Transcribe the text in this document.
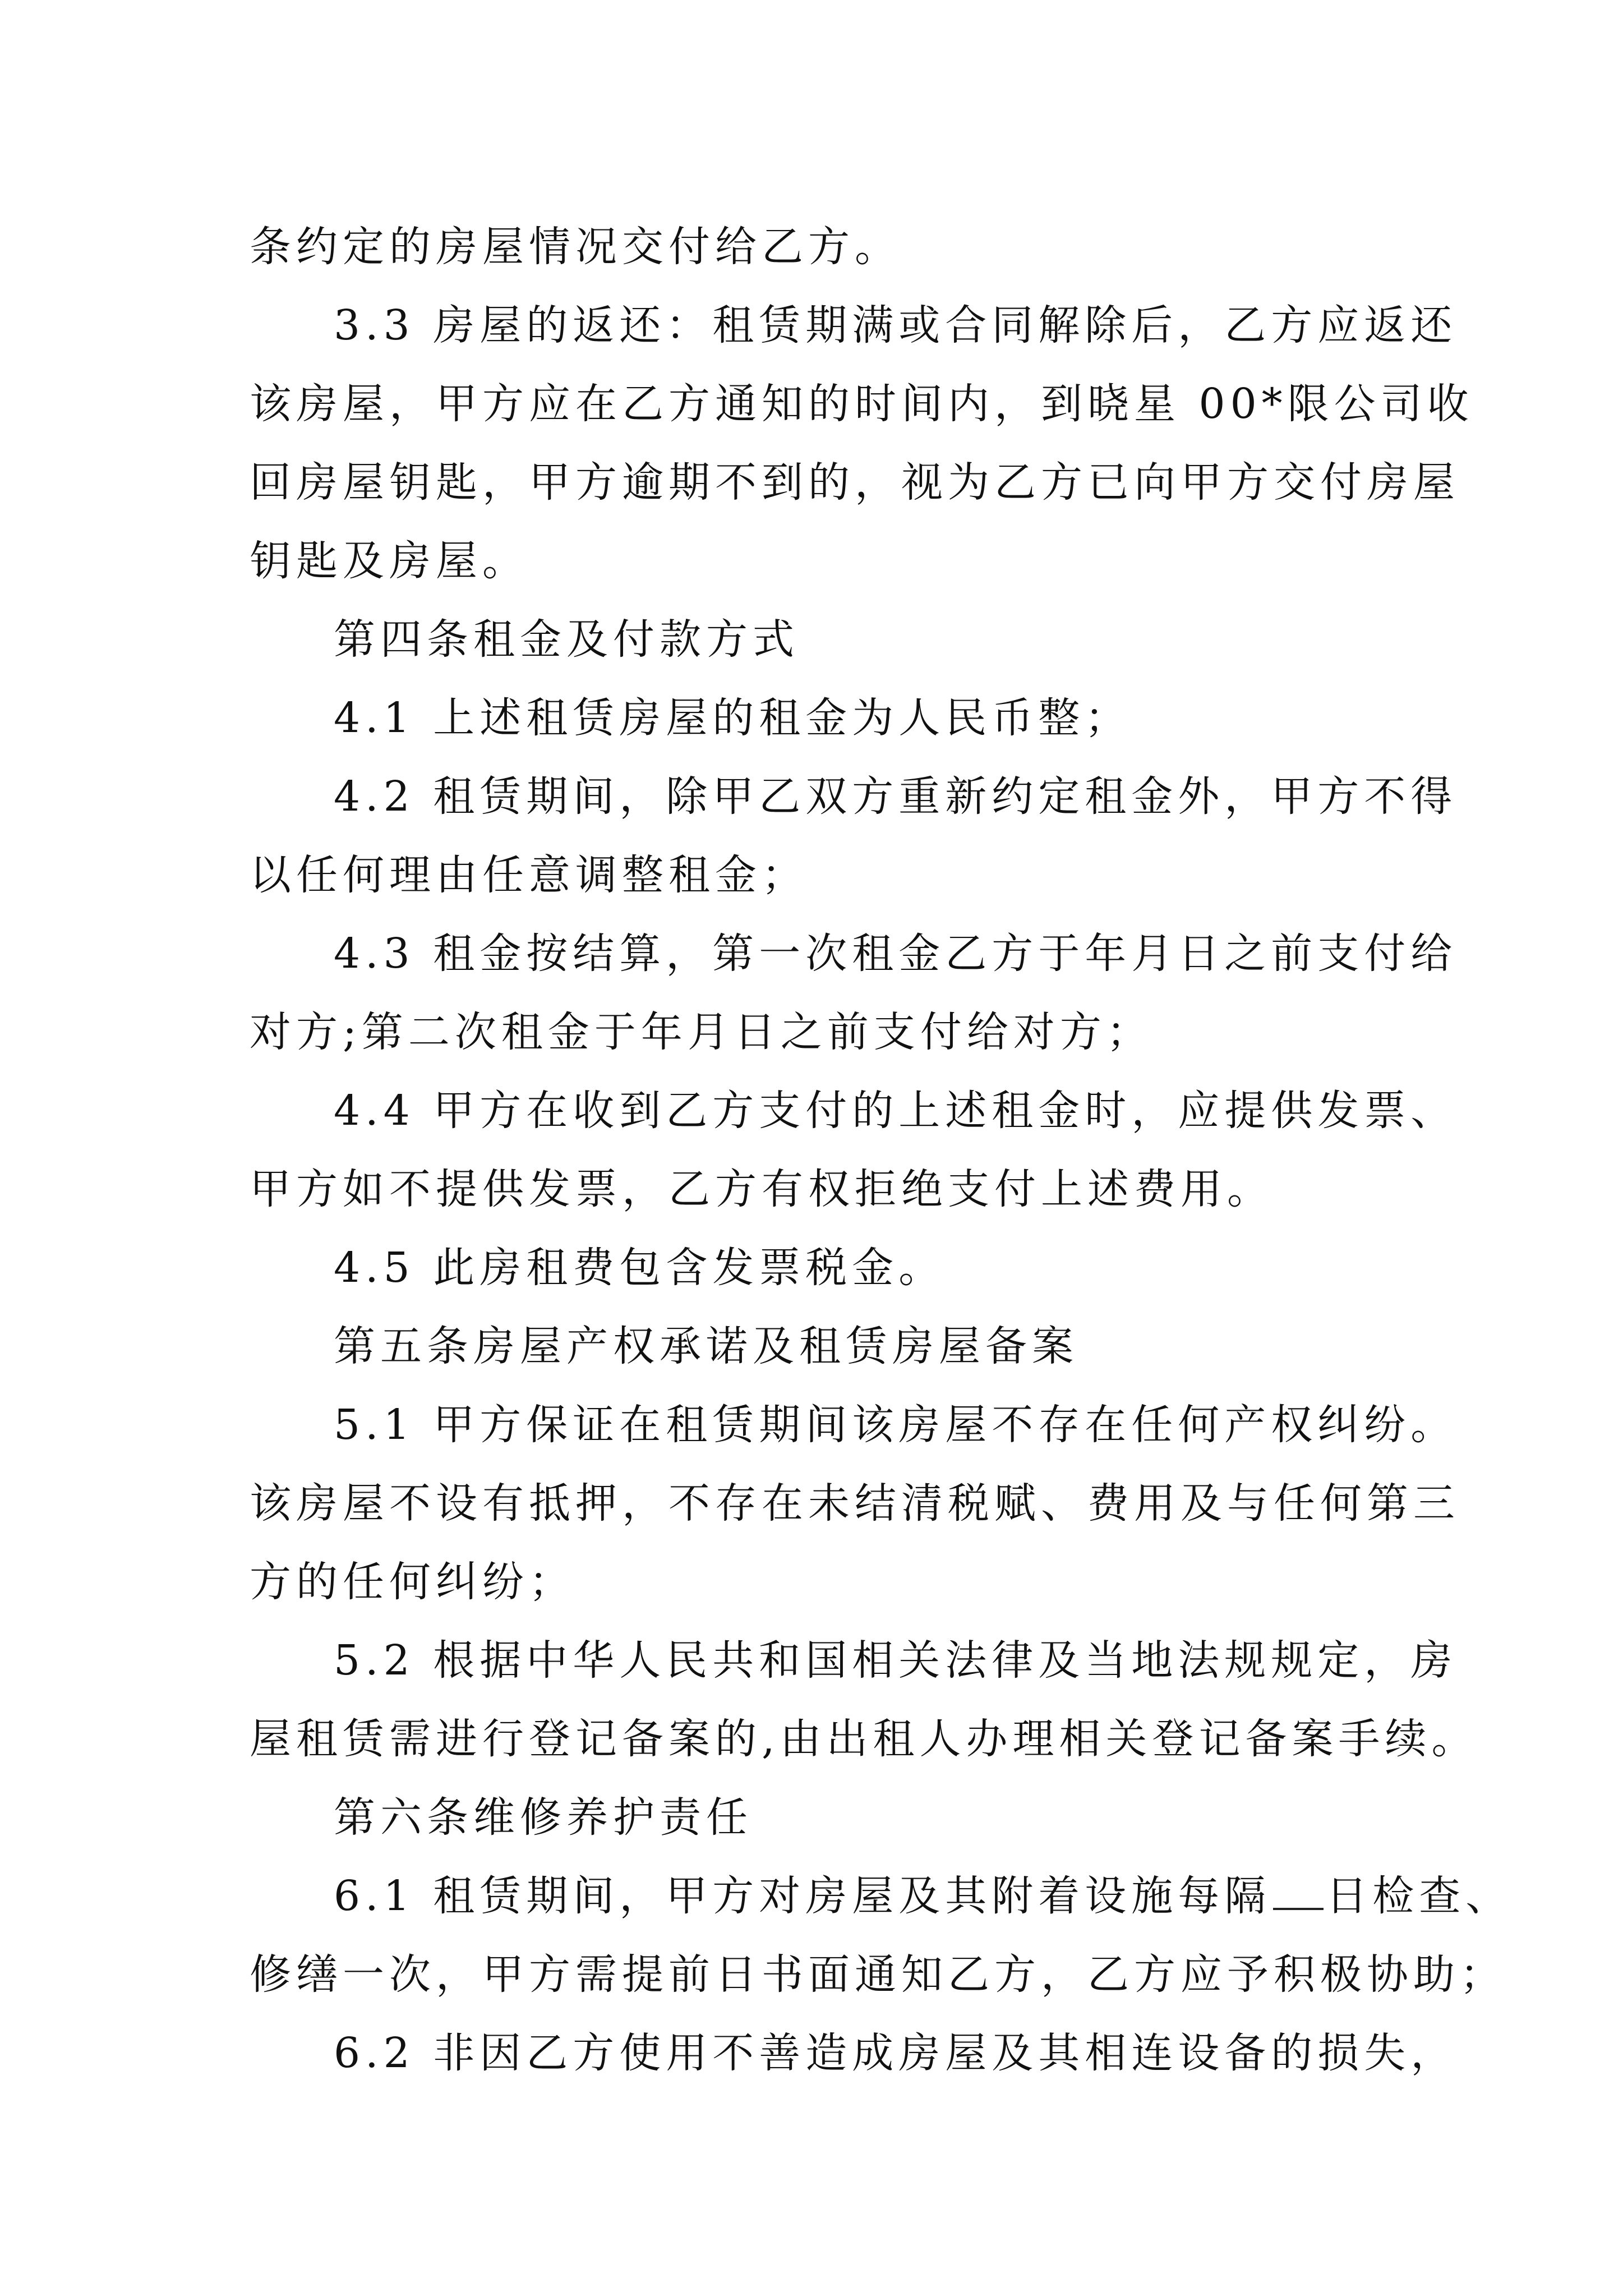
条约定的房屋情况交付给乙方。
3.3 房屋的返还：租赁期满或合同解除后，乙方应返还
该房屋，甲方应在乙方通知的时间内，到晓星 00*限公司收
回房屋钥匙，甲方逾期不到的，视为乙方已向甲方交付房屋
钥匙及房屋。
第四条租金及付款方式
4.1 上述租赁房屋的租金为人民币整；
4.2 租赁期间，除甲乙双方重新约定租金外，甲方不得
以任何理由任意调整租金；
4.3 租金按结算，第一次租金乙方于年月日之前支付给
对方;第二次租金于年月日之前支付给对方；
4.4 甲方在收到乙方支付的上述租金时，应提供发票、
甲方如不提供发票，乙方有权拒绝支付上述费用。
4.5 此房租费包含发票税金。
第五条房屋产权承诺及租赁房屋备案
5.1 甲方保证在租赁期间该房屋不存在任何产权纠纷。
该房屋不设有抵押，不存在未结清税赋、费用及与任何第三
方的任何纠纷；
5.2 根据中华人民共和国相关法律及当地法规规定，房
屋租赁需进行登记备案的,由出租人办理相关登记备案手续。
第六条维修养护责任
6.1 租赁期间，甲方对房屋及其附着设施每隔 日检查、
修缮一次，甲方需提前日书面通知乙方，乙方应予积极协助；
6.2 非因乙方使用不善造成房屋及其相连设备的损失，
